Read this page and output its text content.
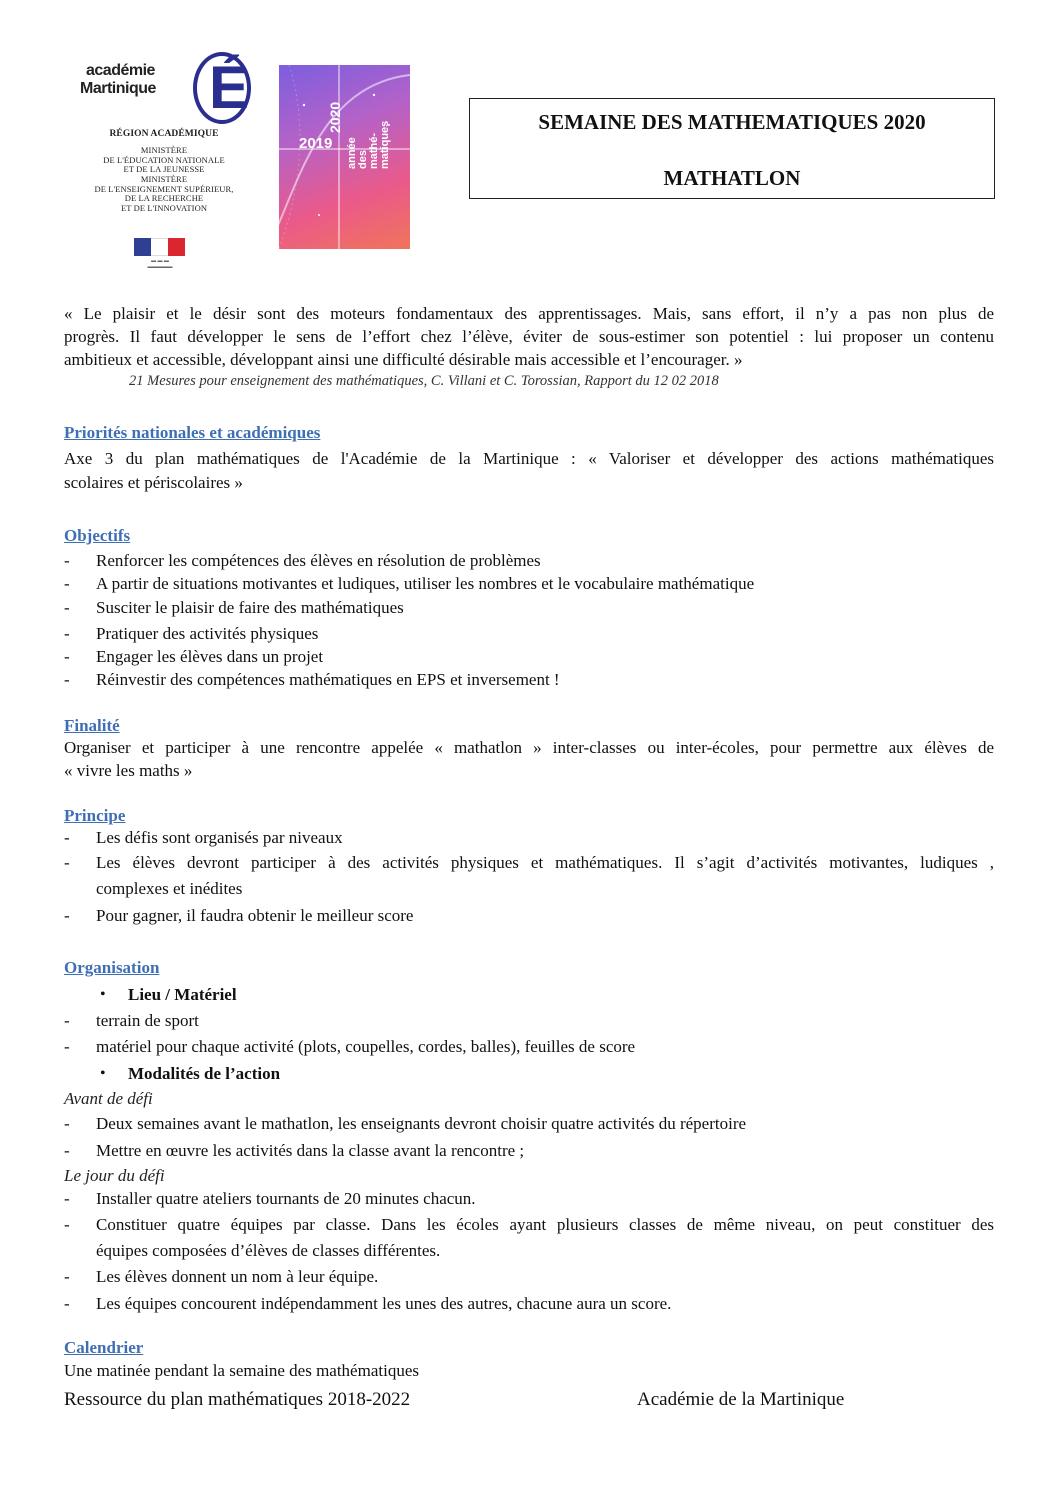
académie
Martinique É
RÉGION ACADÉMIQUE
MINISTÈRE
DE L'ÉDUCATION NATIONALE
ET DE LA JEUNESSE
MINISTÈRE
DE L'ENSEIGNEMENT SUPÉRIEUR,
DE LA RECHERCHE
ET DE L'INNOVATION
▬ ▬ ▬
▬▬▬▬▬
2019
2020
année des mathé- matiques	SEMAINE DES MATHEMATIQUES 2020
MATHATLON
« Le plaisir et le désir sont des moteurs fondamentaux des apprentissages. Mais, sans effort, il n’y a pas non plus de
progrès. Il faut développer le sens de l’effort chez l’élève, éviter de sous-estimer son potentiel : lui proposer un contenu
ambitieux et accessible, développant ainsi une difficulté désirable mais accessible et l’encourager. »
21 Mesures pour enseignement des mathématiques, C. Villani et C. Torossian, Rapport du 12 02 2018
Priorités nationales et académiques
Axe 3 du plan mathématiques de l'Académie de la Martinique : « Valoriser et développer des actions mathématiques
scolaires et périscolaires »
Objectifs
- Renforcer les compétences des élèves en résolution de problèmes
- A partir de situations motivantes et ludiques, utiliser les nombres et le vocabulaire mathématique
- Susciter le plaisir de faire des mathématiques
- Pratiquer des activités physiques
- Engager les élèves dans un projet
- Réinvestir des compétences mathématiques en EPS et inversement !
Finalité
Organiser et participer à une rencontre appelée « mathatlon » inter-classes ou inter-écoles, pour permettre aux élèves de
« vivre les maths »
Principe
- Les défis sont organisés par niveaux
- Les élèves devront participer à des activités physiques et mathématiques. Il s’agit d’activités motivantes, ludiques ,
complexes et inédites
- Pour gagner, il faudra obtenir le meilleur score
Organisation
• Lieu / Matériel
- terrain de sport
- matériel pour chaque activité (plots, coupelles, cordes, balles), feuilles de score
• Modalités de l’action
Avant de défi
- Deux semaines avant le mathatlon, les enseignants devront choisir quatre activités du répertoire
- Mettre en œuvre les activités dans la classe avant la rencontre ;
Le jour du défi
- Installer quatre ateliers tournants de 20 minutes chacun.
- Constituer quatre équipes par classe. Dans les écoles ayant plusieurs classes de même niveau, on peut constituer des
équipes composées d’élèves de classes différentes.
- Les élèves donnent un nom à leur équipe.
- Les équipes concourent indépendamment les unes des autres, chacune aura un score.
Calendrier
Une matinée pendant la semaine des mathématiques
Ressource du plan mathématiques 2018-2022	Académie de la Martinique
